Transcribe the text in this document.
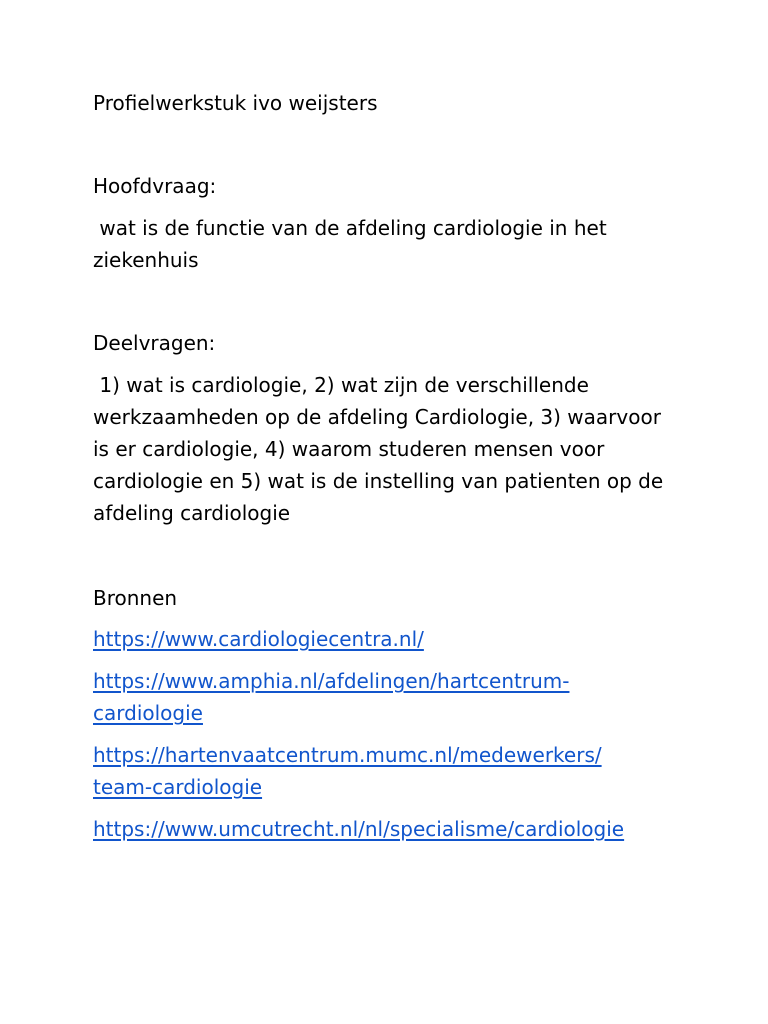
Profielwerkstuk ivo weijsters
Hoofdvraag:
wat is de functie van de afdeling cardiologie in het ziekenhuis
Deelvragen:
1) wat is cardiologie, 2) wat zijn de verschillende werkzaamheden op de afdeling Cardiologie, 3) waarvoor is er cardiologie, 4) waarom studeren mensen voor cardiologie en 5) wat is de instelling van patienten op de afdeling cardiologie
Bronnen
https://www.cardiologiecentra.nl/
https://www.amphia.nl/afdelingen/hartcentrum-
cardiologie
https://hartenvaatcentrum.mumc.nl/medewerkers/
team-cardiologie
https://www.umcutrecht.nl/nl/specialisme/cardiologie
